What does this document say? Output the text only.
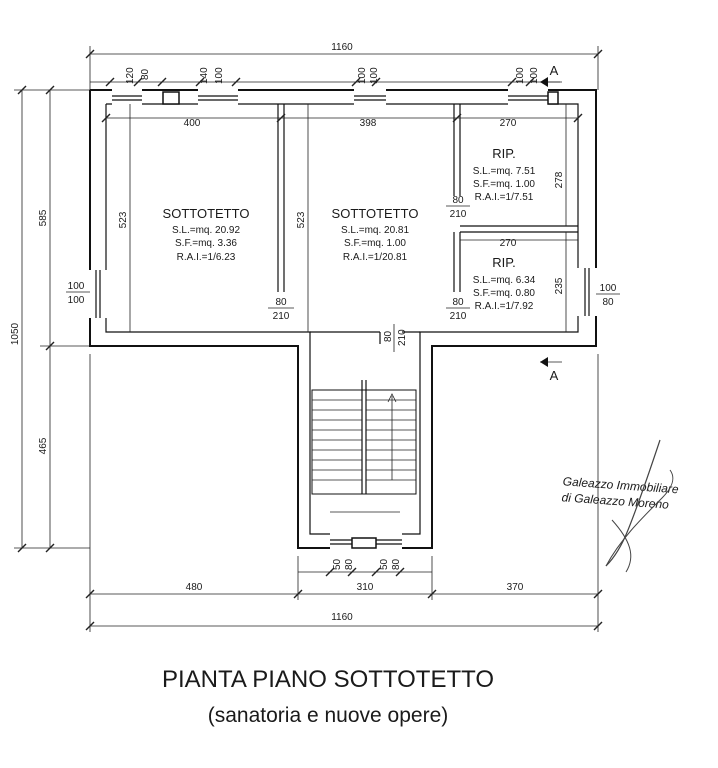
1160
120 80	140 100	100 100	100 100 A
1050
585
465
100
100
100
80
400	398	270
270
523	523
278
235
SOTTOTETTO
S.L.=mq. 20.92
S.F.=mq. 3.36
R.A.I.=1/6.23
SOTTOTETTO
S.L.=mq. 20.81
S.F.=mq. 1.00
R.A.I.=1/20.81
RIP.
S.L.=mq. 7.51
S.F.=mq. 1.00
R.A.I.=1/7.51
RIP.
S.L.=mq. 6.34
S.F.=mq. 0.80
R.A.I.=1/7.92
80
210
80
210
80
210
80 210
50 80 50 80
480	310	370
1160
A
Galeazzo Immobiliare
di Galeazzo Moreno
PIANTA PIANO SOTTOTETTO
(sanatoria e nuove opere)
